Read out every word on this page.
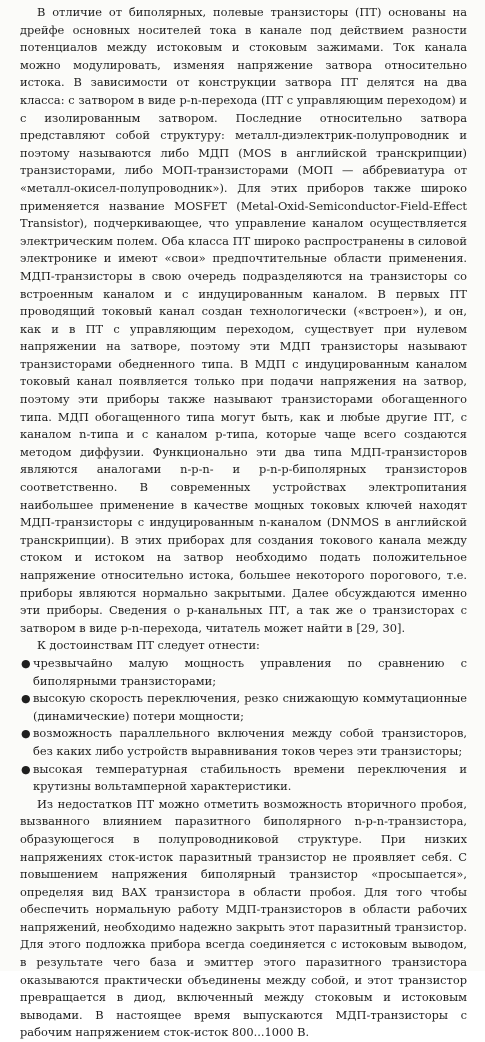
В отличие от биполярных, полевые транзисторы (ПТ) основаны на дрейфе основных носителей тока в канале под действием разности потенциалов между истоковым и стоковым зажимами. Ток канала можно модулировать, изменяя напряжение затвора относительно истока. В зависимости от конструкции затвора ПТ делятся на два класса: с затвором в виде p-n-перехода (ПТ с управляющим переходом) и с изолированным затвором. Последние относительно затвора представляют собой структуру: металл-диэлектрик-полупроводник и поэтому называются либо МДП (MOS в английской транскрипции) транзисторами, либо МОП-транзисторами (МОП — аббревиатура от «металл-окисел-полупроводник»). Для этих приборов также широко применяется название MOSFET (Metal-Oxid-Semiconductor-Field-Effect Transistor), подчеркивающее, что управление каналом осуществляется электрическим полем. Оба класса ПТ широко распространены в силовой электронике и имеют «свои» предпочтительные области применения. МДП-транзисторы в свою очередь подразделяются на транзисторы со встроенным каналом и с индуцированным каналом. В первых ПТ проводящий токовый канал создан технологически («встроен»), и он, как и в ПТ с управляющим переходом, существует при нулевом напряжении на затворе, поэтому эти МДП транзисторы называют транзисторами обедненного типа. В МДП с индуцированным каналом токовый канал появляется только при подачи напряжения на затвор, поэтому эти приборы также называют транзисторами обогащенного типа. МДП обогащенного типа могут быть, как и любые другие ПТ, с каналом n-типа и с каналом p-типа, которые чаще всего создаются методом диффузии. Функционально эти два типа МДП-транзисторов являются аналогами n-p-n- и p-n-p-биполярных транзисторов соответственно. В современных устройствах электропитания наибольшее применение в качестве мощных токовых ключей находят МДП-транзисторы с индуцированным n-каналом (DNMOS в английской транскрипции). В этих приборах для создания токового канала между стоком и истоком на затвор необходимо подать положительное напряжение относительно истока, большее некоторого порогового, т.е. приборы являются нормально закрытыми. Далее обсуждаются именно эти приборы. Сведения о p-канальных ПТ, а так же о транзисторах с затвором в виде p-n-перехода, читатель может найти в [29, 30].

К достоинствам ПТ следует отнести:

● чрезвычайно малую мощность управления по сравнению с биполярными транзисторами;
● высокую скорость переключения, резко снижающую коммутационные (динамические) потери мощности;
● возможность параллельного включения между собой транзисторов, без каких либо устройств выравнивания токов через эти транзисторы;
● высокая температурная стабильность времени переключения и крутизны вольтамперной характеристики.

Из недостатков ПТ можно отметить возможность вторичного пробоя, вызванного влиянием паразитного биполярного n-p-n-транзистора, образующегося в полупроводниковой структуре. При низких напряжениях сток-исток паразитный транзистор не проявляет себя. С повышением напряжения биполярный транзистор «просыпается», определяя вид ВАХ транзистора в области пробоя. Для того чтобы обеспечить нормальную работу МДП-транзисторов в области рабочих напряжений, необходимо надежно закрыть этот паразитный транзистор. Для этого подложка прибора всегда соединяется с истоковым выводом, в результате чего база и эмиттер этого паразитного транзистора оказываются практически объединены между собой, и этот транзистор превращается в диод, включенный между стоковым и истоковым выводами. В настоящее время выпускаются МДП-транзисторы с рабочим напряжением сток-исток 800...1000 В.
